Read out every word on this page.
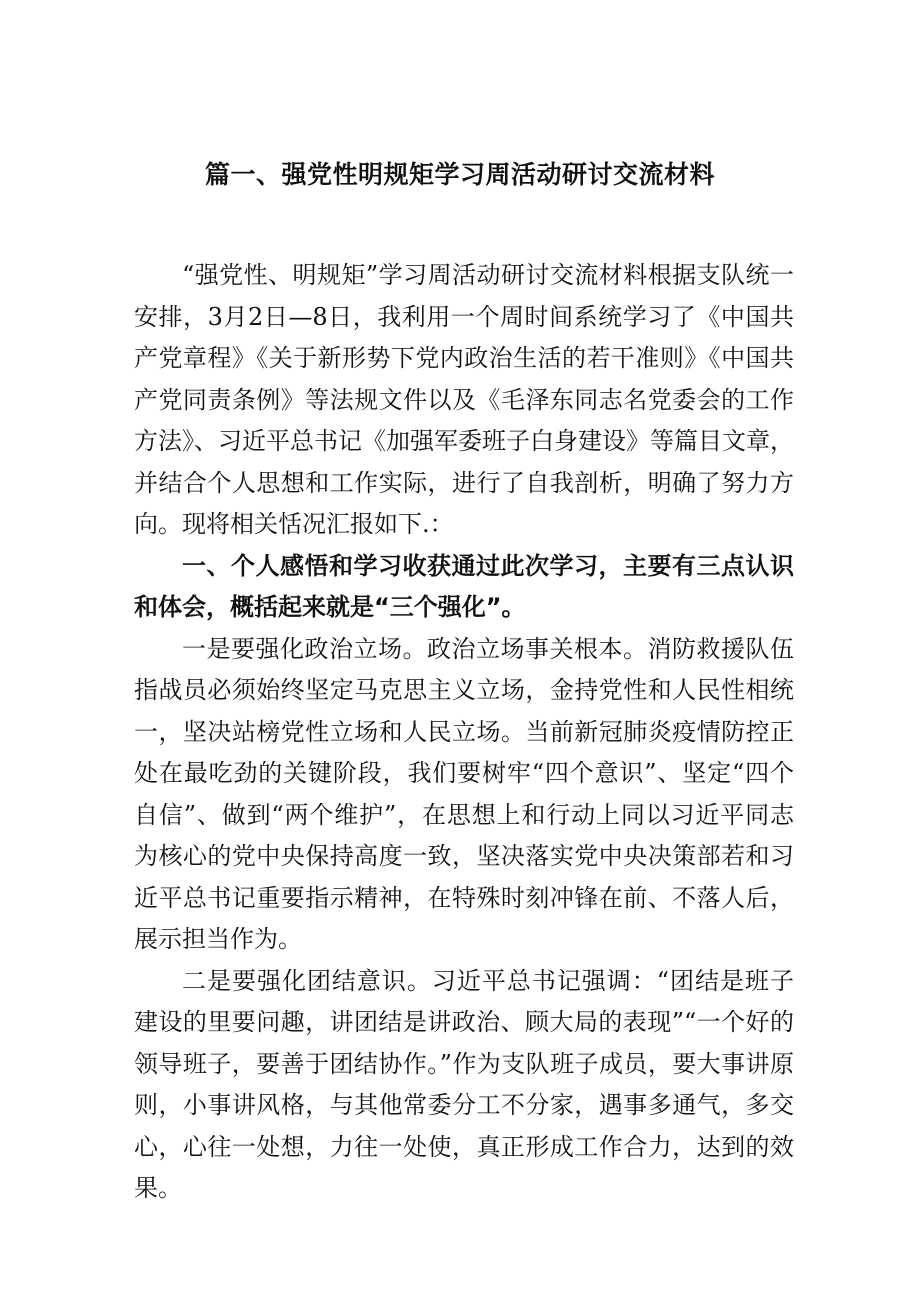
篇一、强党性明规矩学习周活动研讨交流材料

“强党性、明规矩”学习周活动研讨交流材料根据支队统一安排，3月2日—8日，我利用一个周时间系统学习了《中国共产党章程》《关于新形势下党内政治生活的若干准则》《中国共产党同责条例》等法规文件以及《毛泽东同志名党委会的工作方法》、习近平总书记《加强军委班子白身建设》等篇目文章，并结合个人思想和工作实际，进行了自我剖析，明确了努力方向。现将相关恬况汇报如下.：

一、个人感悟和学习收获通过此次学习，主要有三点认识和体会，概括起来就是“三个强化”。

一是要强化政治立场。政治立场事关根本。消防救援队伍指战员必须始终坚定马克思主义立场，金持党性和人民性相统一，坚决站榜党性立场和人民立场。当前新冠肺炎疫情防控正处在最吃劲的关键阶段，我们要树牢“四个意识”、坚定“四个自信”、做到“两个维护”，在思想上和行动上同以习近平同志为核心的党中央保持高度一致，坚决落实党中央决策部若和习近平总书记重要指示精神，在特殊时刻冲锋在前、不落人后，展示担当作为。

二是要强化团结意识。习近平总书记强调：“团结是班子建设的里要问趣，讲团结是讲政治、顾大局的表现”“一个好的领导班子，要善于团结协作。”作为支队班子成员，要大事讲原则，小事讲风格，与其他常委分工不分家，遇事多通气，多交心，心往一处想，力往一处使，真正形成工作合力，达到的效果。
